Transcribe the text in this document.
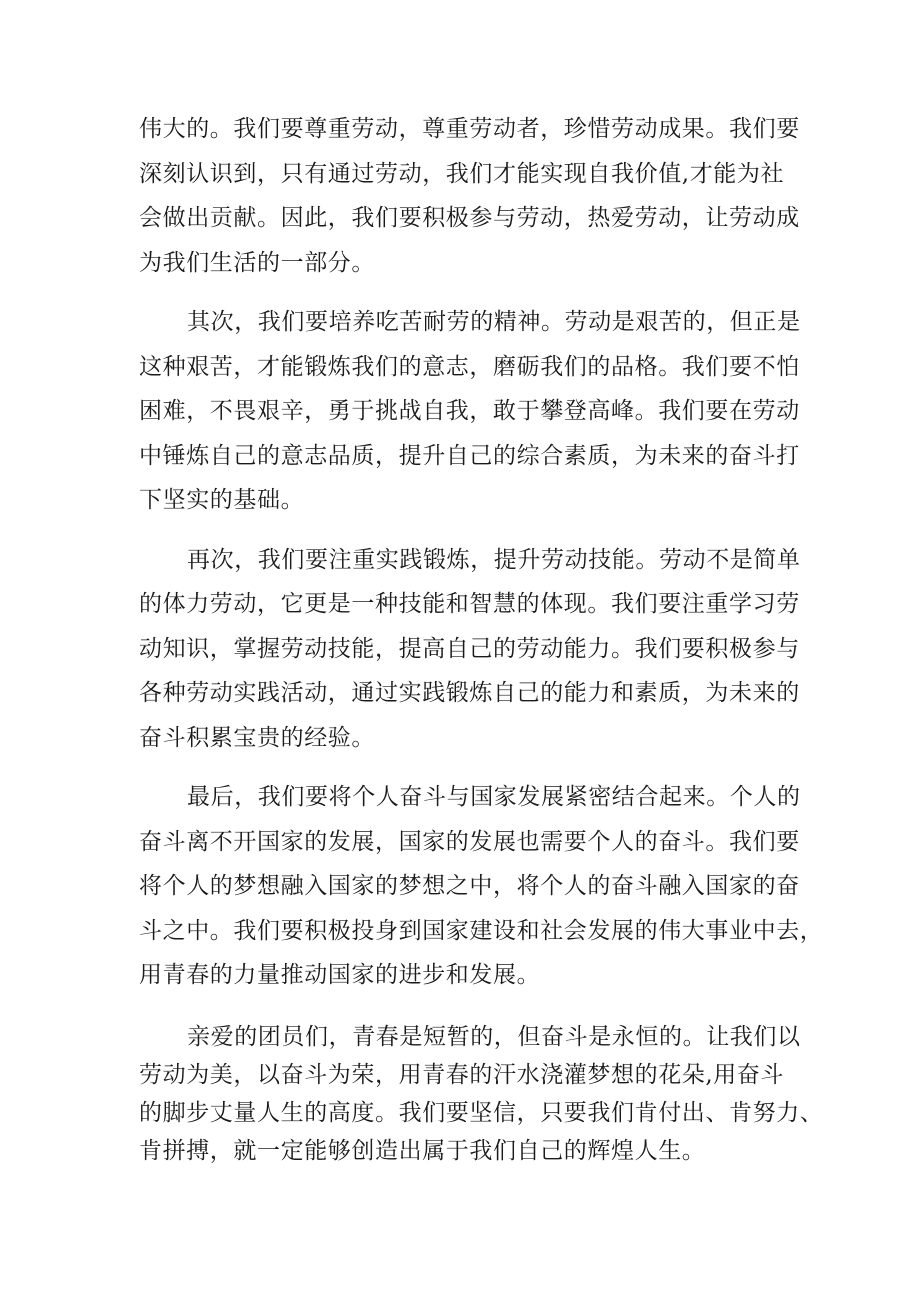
伟大的。我们要尊重劳动，尊重劳动者，珍惜劳动成果。我们要
深刻认识到，只有通过劳动，我们才能实现自我价值,才能为社
会做出贡献。因此，我们要积极参与劳动，热爱劳动，让劳动成
为我们生活的一部分。
其次，我们要培养吃苦耐劳的精神。劳动是艰苦的，但正是
这种艰苦，才能锻炼我们的意志，磨砺我们的品格。我们要不怕
困难，不畏艰辛，勇于挑战自我，敢于攀登高峰。我们要在劳动
中锤炼自己的意志品质，提升自己的综合素质，为未来的奋斗打
下坚实的基础。
再次，我们要注重实践锻炼，提升劳动技能。劳动不是简单
的体力劳动，它更是一种技能和智慧的体现。我们要注重学习劳
动知识，掌握劳动技能，提高自己的劳动能力。我们要积极参与
各种劳动实践活动，通过实践锻炼自己的能力和素质，为未来的
奋斗积累宝贵的经验。
最后，我们要将个人奋斗与国家发展紧密结合起来。个人的
奋斗离不开国家的发展，国家的发展也需要个人的奋斗。我们要
将个人的梦想融入国家的梦想之中，将个人的奋斗融入国家的奋
斗之中。我们要积极投身到国家建设和社会发展的伟大事业中去，
用青春的力量推动国家的进步和发展。
亲爱的团员们，青春是短暂的，但奋斗是永恒的。让我们以
劳动为美，以奋斗为荣，用青春的汗水浇灌梦想的花朵,用奋斗
的脚步丈量人生的高度。我们要坚信，只要我们肯付出、肯努力、
肯拼搏，就一定能够创造出属于我们自己的辉煌人生。
